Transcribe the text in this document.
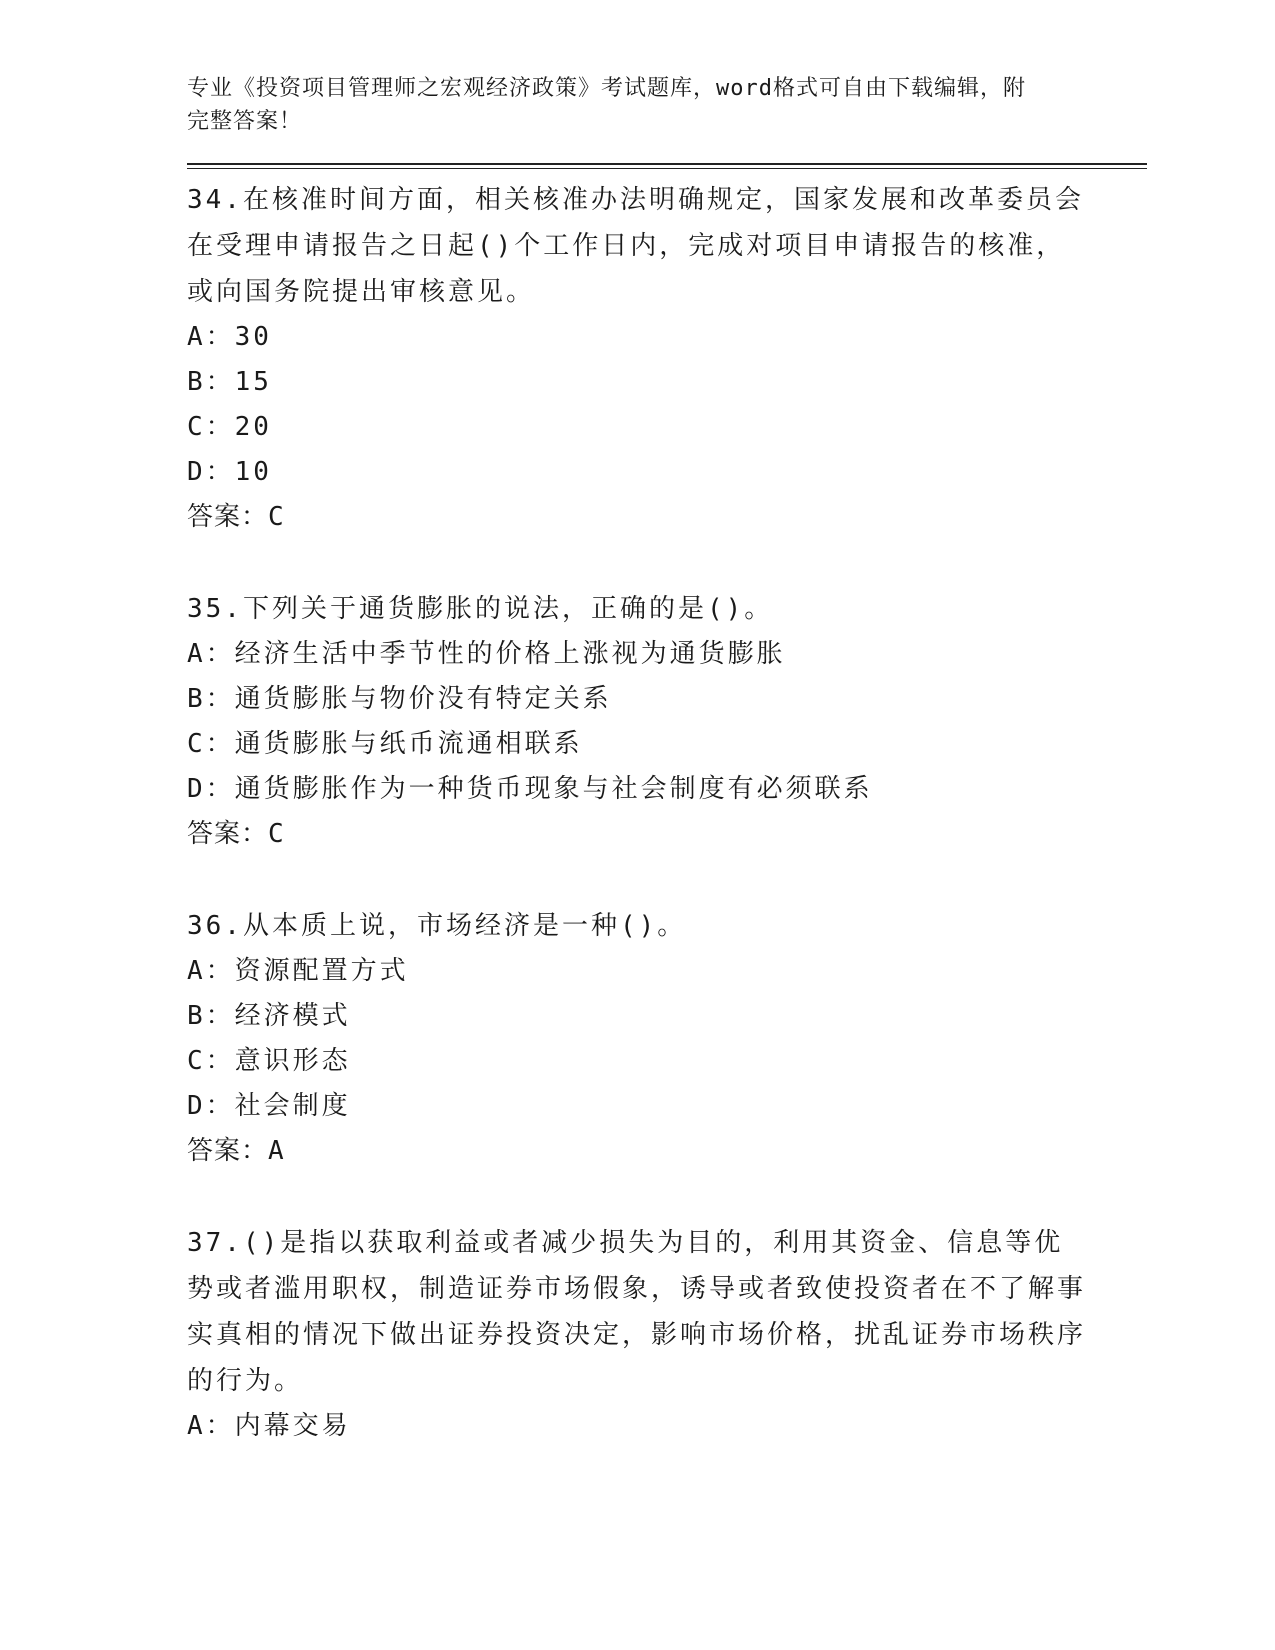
专业《投资项目管理师之宏观经济政策》考试题库，word格式可自由下载编辑，附完整答案！

34.在核准时间方面，相关核准办法明确规定，国家发展和改革委员会在受理申请报告之日起()个工作日内，完成对项目申请报告的核准，或向国务院提出审核意见。

A：30

B：15

C：20

D：10

答案：C

35.下列关于通货膨胀的说法，正确的是()。

A：经济生活中季节性的价格上涨视为通货膨胀

B：通货膨胀与物价没有特定关系

C：通货膨胀与纸币流通相联系

D：通货膨胀作为一种货币现象与社会制度有必须联系

答案：C

36.从本质上说，市场经济是一种()。

A：资源配置方式

B：经济模式

C：意识形态

D：社会制度

答案：A

37.()是指以获取利益或者减少损失为目的，利用其资金、信息等优势或者滥用职权，制造证券市场假象，诱导或者致使投资者在不了解事实真相的情况下做出证券投资决定，影响市场价格，扰乱证券市场秩序的行为。

A：内幕交易
